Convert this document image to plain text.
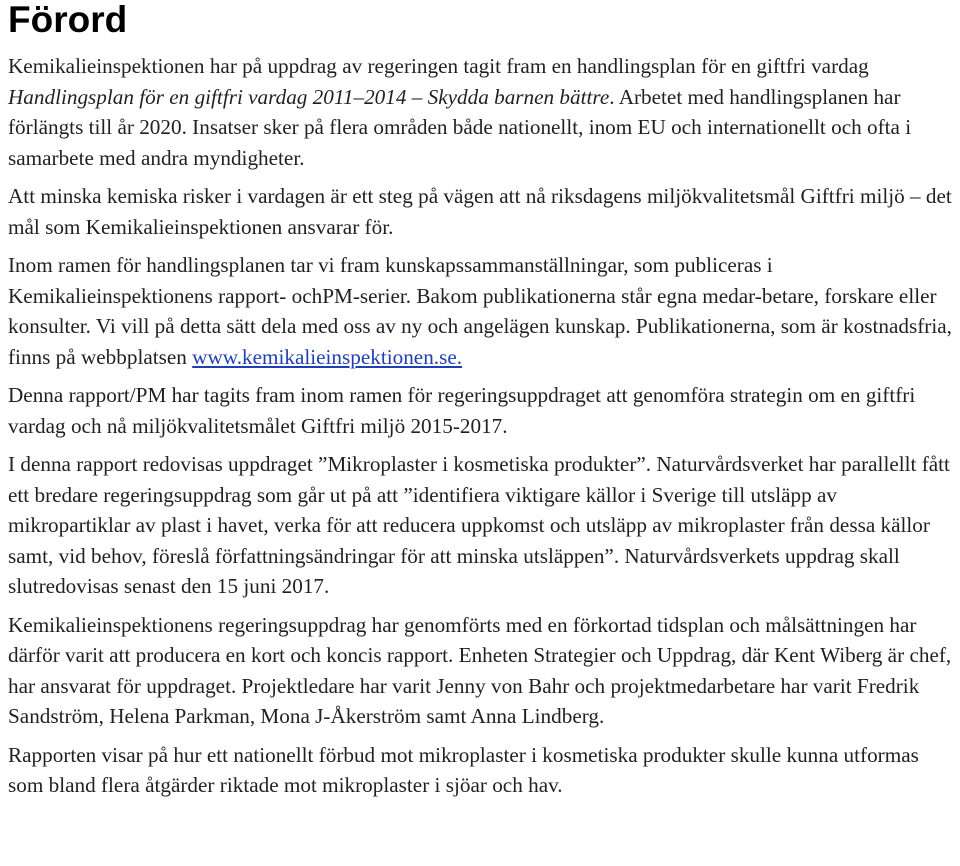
Förord

Kemikalieinspektionen har på uppdrag av regeringen tagit fram en handlingsplan för en giftfri vardag Handlingsplan för en giftfri vardag 2011–2014 – Skydda barnen bättre. Arbetet med handlingsplanen har förlängts till år 2020. Insatser sker på flera områden både nationellt, inom EU och internationellt och ofta i samarbete med andra myndigheter.

Att minska kemiska risker i vardagen är ett steg på vägen att nå riksdagens miljökvalitetsmål Giftfri miljö – det mål som Kemikalieinspektionen ansvarar för.

Inom ramen för handlingsplanen tar vi fram kunskapssammanställningar, som publiceras i Kemikalieinspektionens rapport- ochPM-serier. Bakom publikationerna står egna medar-betare, forskare eller konsulter. Vi vill på detta sätt dela med oss av ny och angelägen kunskap. Publikationerna, som är kostnadsfria, finns på webbplatsen www.kemikalieinspektionen.se.

Denna rapport/PM har tagits fram inom ramen för regeringsuppdraget att genomföra strategin om en giftfri vardag och nå miljökvalitetsmålet Giftfri miljö 2015-2017.

I denna rapport redovisas uppdraget ”Mikroplaster i kosmetiska produkter”. Naturvårdsverket har parallellt fått ett bredare regeringsuppdrag som går ut på att ”identifiera viktigare källor i Sverige till utsläpp av mikropartiklar av plast i havet, verka för att reducera uppkomst och utsläpp av mikroplaster från dessa källor samt, vid behov, föreslå författningsändringar för att minska utsläppen”. Naturvårdsverkets uppdrag skall slutredovisas senast den 15 juni 2017.

Kemikalieinspektionens regeringsuppdrag har genomförts med en förkortad tidsplan och målsättningen har därför varit att producera en kort och koncis rapport. Enheten Strategier och Uppdrag, där Kent Wiberg är chef, har ansvarat för uppdraget. Projektledare har varit Jenny von Bahr och projektmedarbetare har varit Fredrik Sandström, Helena Parkman, Mona J-Åkerström samt Anna Lindberg.

Rapporten visar på hur ett nationellt förbud mot mikroplaster i kosmetiska produkter skulle kunna utformas som bland flera åtgärder riktade mot mikroplaster i sjöar och hav.
